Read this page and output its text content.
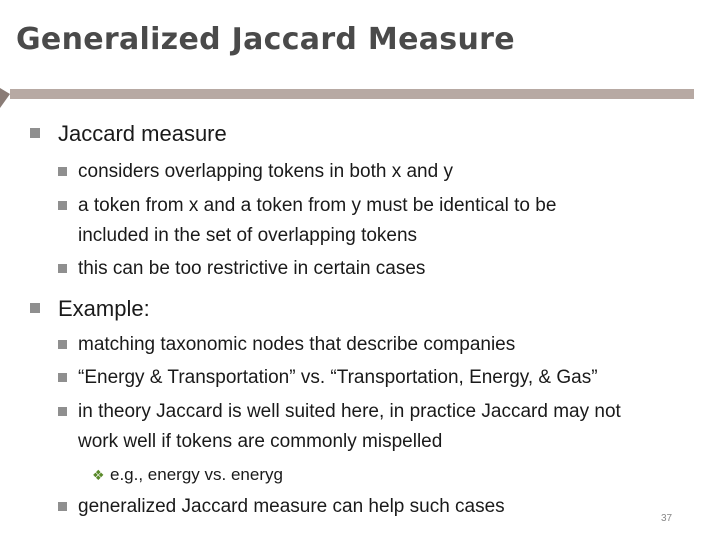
Generalized Jaccard Measure
Jaccard measure
considers overlapping tokens in both x and y
a token from x and a token from y must be identical to be
included in the set of overlapping tokens
this can be too restrictive in certain cases
Example:
matching taxonomic nodes that describe companies
“Energy & Transportation” vs. “Transportation, Energy, & Gas”
in theory Jaccard is well suited here, in practice Jaccard may not
work well if tokens are commonly mispelled
❖ e.g., energy vs. eneryg
generalized Jaccard measure can help such cases
37
